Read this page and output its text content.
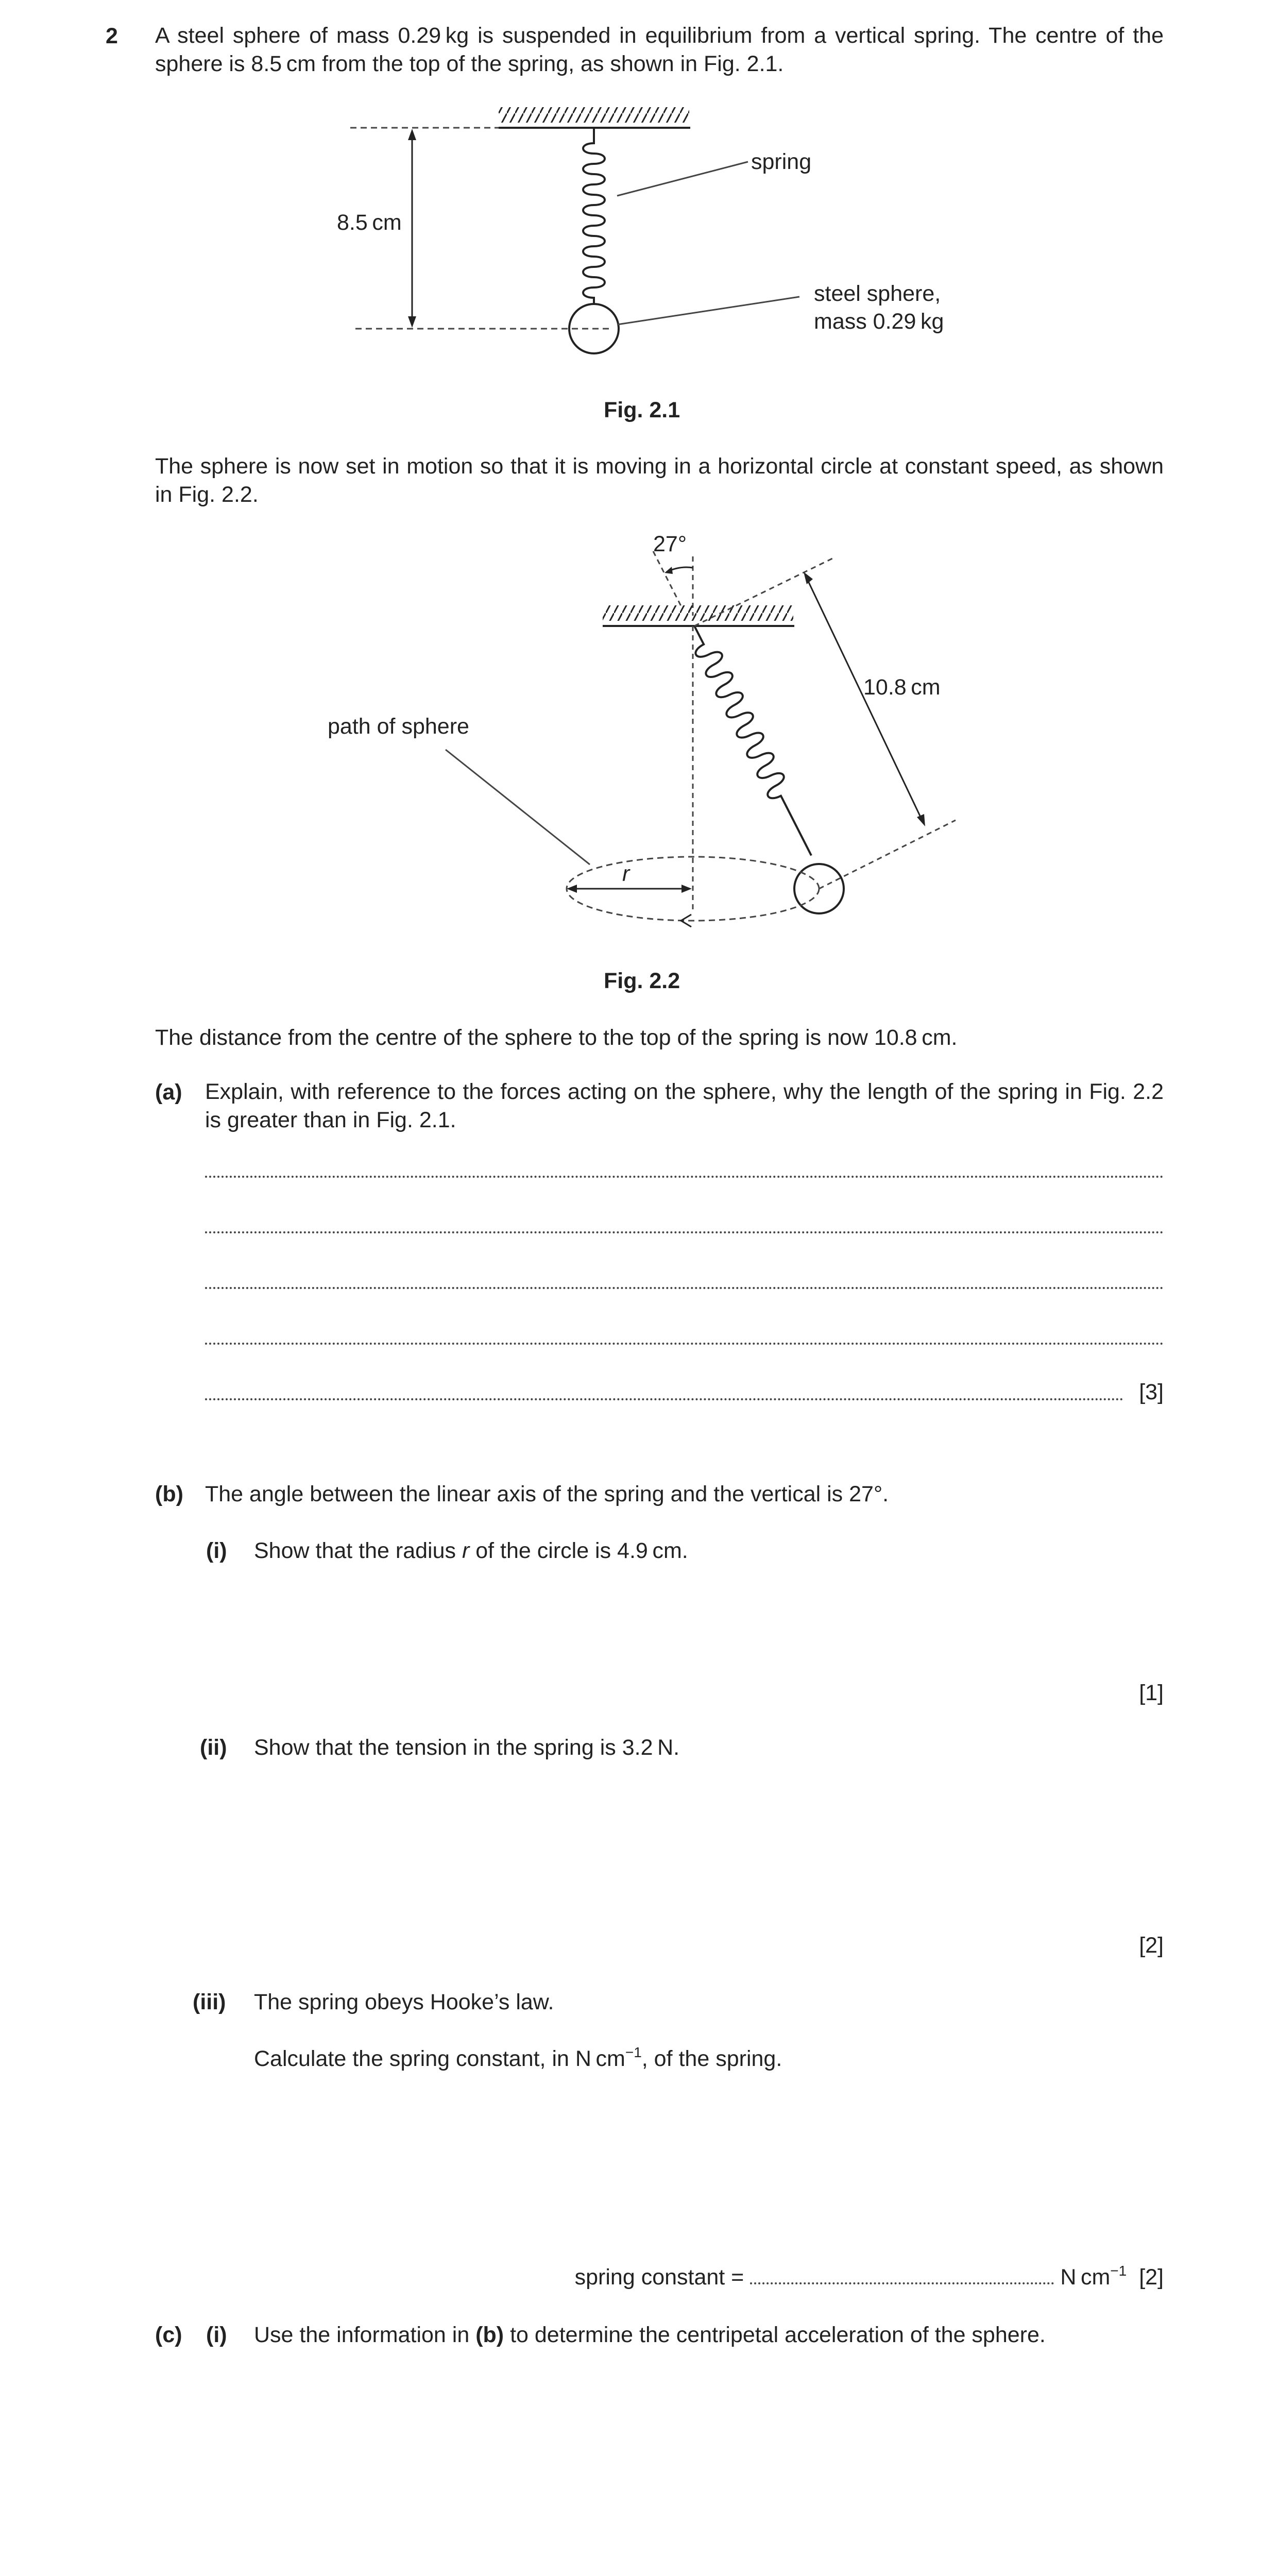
2 A steel sphere of mass 0.29 kg is suspended in equilibrium from a vertical spring. The centre of the sphere is 8.5 cm from the top of the spring, as shown in Fig. 2.1.
8.5 cm
spring
steel sphere,
mass 0.29 kg
Fig. 2.1
The sphere is now set in motion so that it is moving in a horizontal circle at constant speed, as shown in Fig. 2.2.
27°
10.8 cm
path of sphere
r
Fig. 2.2
The distance from the centre of the sphere to the top of the spring is now 10.8 cm.
(a) Explain, with reference to the forces acting on the sphere, why the length of the spring in Fig. 2.2 is greater than in Fig. 2.1.
[3]
(b) The angle between the linear axis of the spring and the vertical is 27°.
(i) Show that the radius r of the circle is 4.9 cm.
[1]
(ii) Show that the tension in the spring is 3.2 N.
[2]
(iii) The spring obeys Hooke’s law.
Calculate the spring constant, in N $cm^{-1}$, of the spring.
spring constant =	N $cm^{-1}$ [2]
(c) (i) Use the information in (b) to determine the centripetal acceleration of the sphere.
